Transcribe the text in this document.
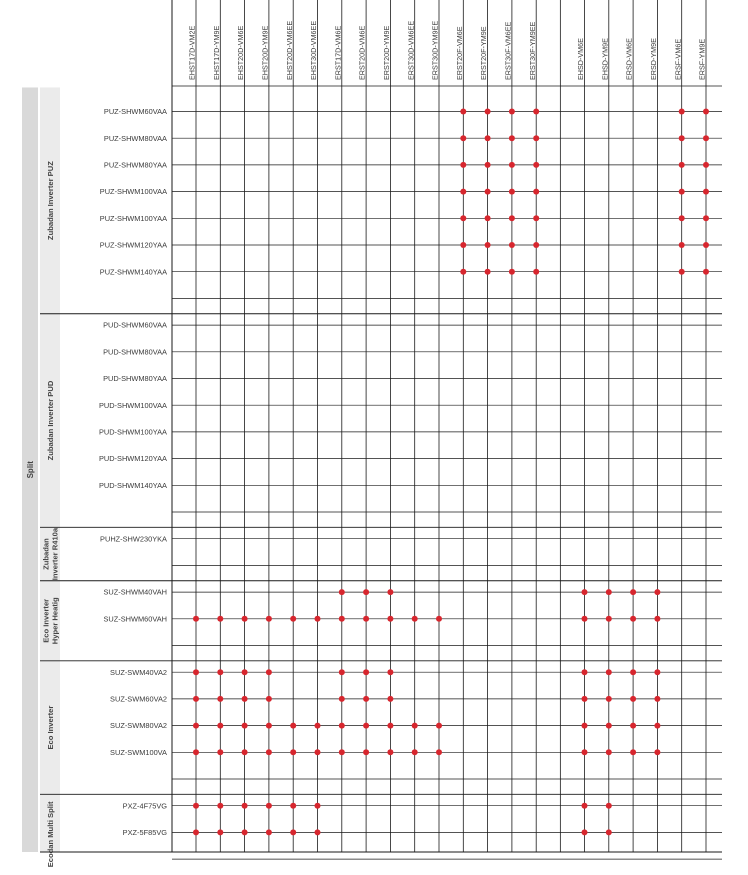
EHST17D-VM2E EHST17D-YM9E EHST20D-VM6E EHST20D-YM9E EHST20D-VM6EE EHST30D-VM6EE ERST17D-VM6E ERST20D-VM6E ERST20D-YM9E ERST30D-VM6EE ERST30D-YM9EE ERST20F-VM6E ERST20F-YM9E ERST30F-VM6EE ERST30F-YM9EE	EHSD-VM6E EHSD-YM9E ERSD-VM6E ERSD-YM9E ERSF-VM6E ERSF-YM9E
PUZ-SHWM60VAA
PUZ-SHWM80VAA
PUZ-SHWM80YAA
PUZ-SHWM100VAA
PUZ-SHWM100YAA
PUZ-SHWM120YAA
PUZ-SHWM140YAA
PUD-SHWM60VAA
PUD-SHWM80VAA
PUD-SHWM80YAA
PUD-SHWM100VAA
PUD-SHWM100YAA
PUD-SHWM120YAA
PUD-SHWM140YAA
PUHZ-SHW230YKA
SUZ-SHWM40VAH
SUZ-SHWM60VAH
SUZ-SWM40VA2
SUZ-SWM60VA2
SUZ-SWM80VA2
SUZ-SWM100VA
PXZ-4F75VG
PXZ-5F85VG
Zubadan Inverter PUZ
Zubadan Inverter PUD
Zubadan Inverter R410a
Eco Inverter Hyper Heatig
Eco Inverter
Ecodan Multi Split
Split
